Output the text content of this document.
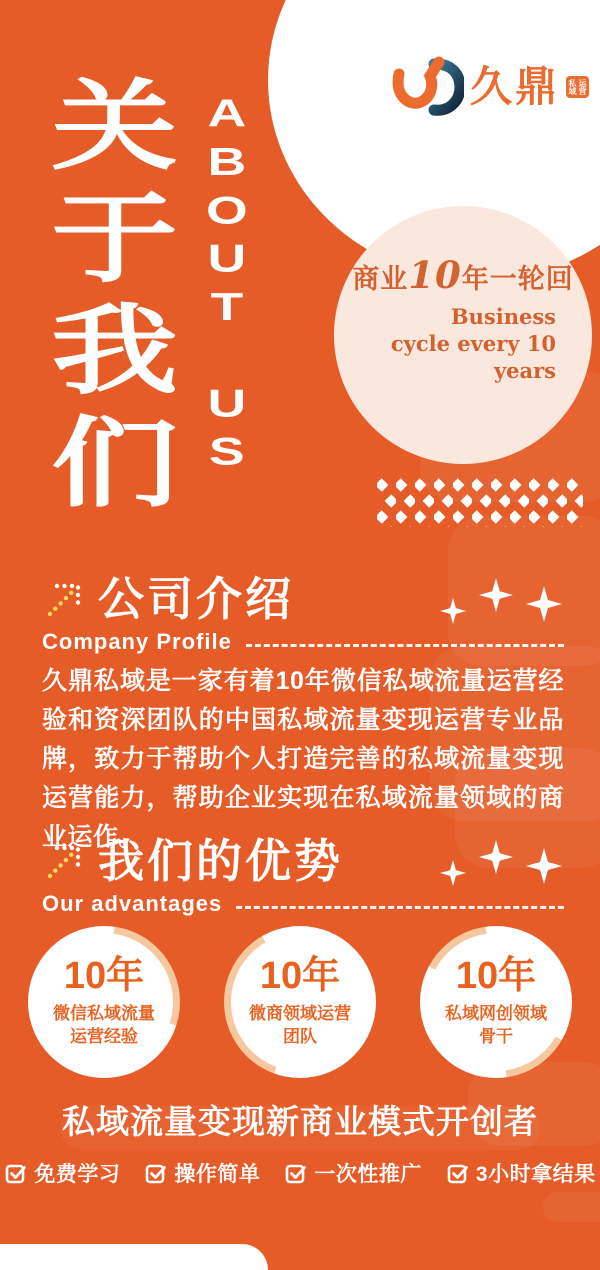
久鼎 私域 运营
关于我们 ABOUT US	商业10年一轮回
Business
cycle every 10 years
公司介绍
Company Profile
久鼎私域是一家有着10年微信私域流量运营经验和资深团队的中国私域流量变现运营专业品牌，致力于帮助个人打造完善的私域流量变现运营能力，帮助企业实现在私域流量领域的商业运作。
我们的优势
Our advantages
10年
微信私域流量
运营经验
10年
微商领域运营
团队
10年
私域网创领域
骨干
私域流量变现新商业模式开创者
免费学习	操作简单	一次性推广	3小时拿结果
